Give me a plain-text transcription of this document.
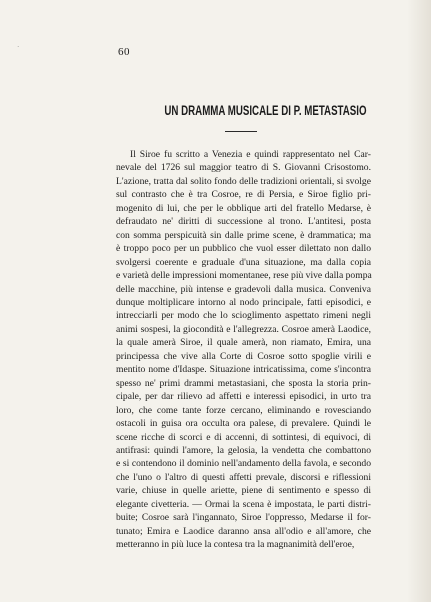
·	60
UN DRAMMA MUSICALE DI P. METASTASIO
Il Siroe fu scritto a Venezia e quindi rappresentato nel Car-
nevale del 1726 sul maggior teatro di S. Giovanni Crisostomo.
L'azione, tratta dal solito fondo delle tradizioni orientali, si svolge
sul contrasto che è tra Cosroe, re di Persia, e Siroe figlio pri-
mogenito di lui, che per le obblique arti del fratello Medarse, è
defraudato ne' diritti di successione al trono. L'antitesi, posta
con somma perspicuità sin dalle prime scene, è drammatica; ma
è troppo poco per un pubblico che vuol esser dilettato non dallo
svolgersi coerente e graduale d'una situazione, ma dalla copia
e varietà delle impressioni momentanee, rese più vive dalla pompa
delle macchine, più intense e gradevoli dalla musica. Conveniva
dunque moltiplicare intorno al nodo principale, fatti episodici, e
intrecciarli per modo che lo scioglimento aspettato rimeni negli
animi sospesi, la giocondità e l'allegrezza. Cosroe amerà Laodice,
la quale amerà Siroe, il quale amerà, non riamato, Emira, una
principessa che vive alla Corte di Cosroe sotto spoglie virili e
mentito nome d'Idaspe. Situazione intricatissima, come s'incontra
spesso ne' primi drammi metastasiani, che sposta la storia prin-
cipale, per dar rilievo ad affetti e interessi episodici, in urto tra
loro, che come tante forze cercano, eliminando e rovesciando
ostacoli in guisa ora occulta ora palese, di prevalere. Quindi le
scene ricche di scorci e di accenni, di sottintesi, di equivoci, di
antifrasi: quindi l'amore, la gelosia, la vendetta che combattono
e si contendono il dominio nell'andamento della favola, e secondo
che l'uno o l'altro di questi affetti prevale, discorsi e riflessioni
varie, chiuse in quelle ariette, piene di sentimento e spesso di
elegante civetteria. — Ormai la scena è impostata, le parti distri-
buite; Cosroe sarà l'ingannato, Siroe l'oppresso, Medarse il for-
tunato; Emira e Laodice daranno ansa all'odio e all'amore, che
metteranno in più luce la contesa tra la magnanimità dell'eroe,
